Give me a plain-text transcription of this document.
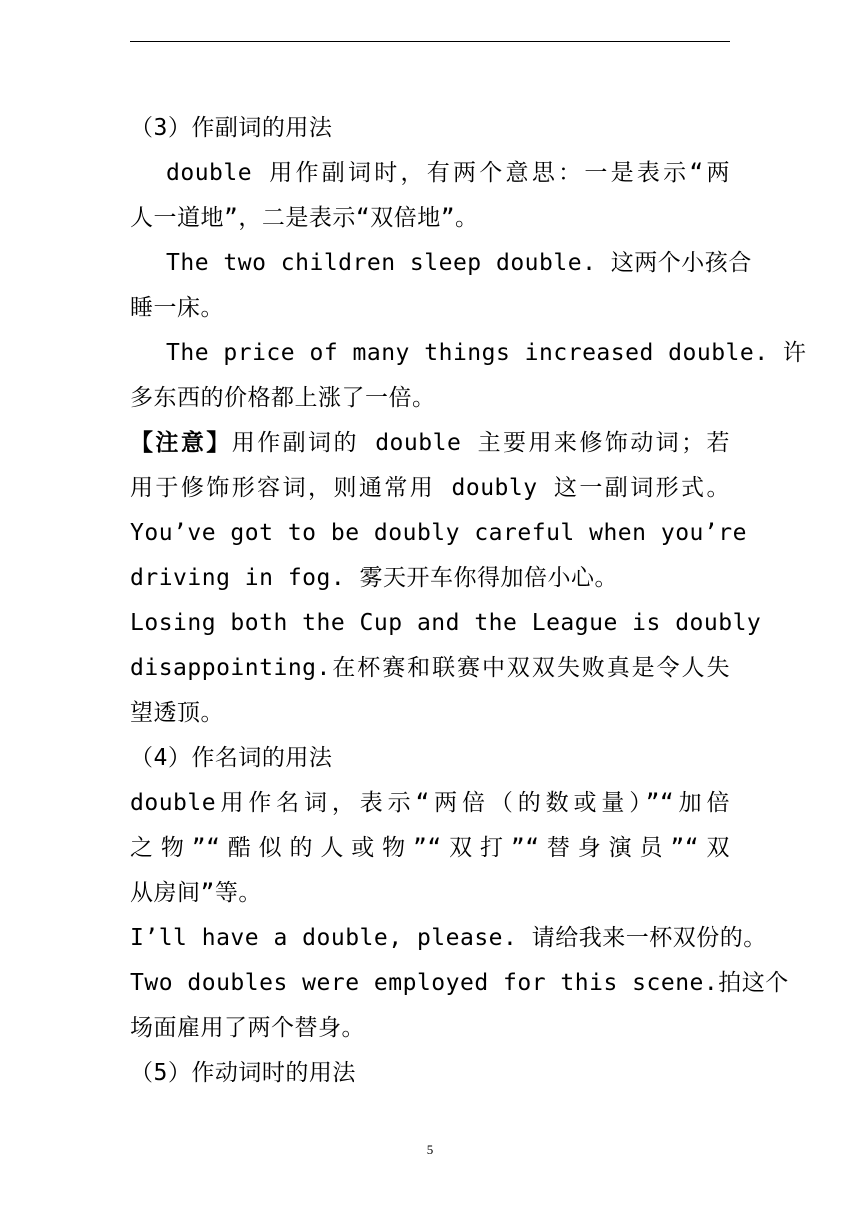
（3）作副词的用法
double 用作副词时，有两个意思：一是表示“两
人一道地”，二是表示“双倍地”。
The two children sleep double. 这两个小孩合
睡一床。
The price of many things increased double. 许
多东西的价格都上涨了一倍。
【注意】用作副词的 double 主要用来修饰动词；若
用于修饰形容词，则通常用 doubly 这一副词形式。
You’ve got to be doubly careful when you’re
driving in fog. 雾天开车你得加倍小心。
Losing both the Cup and the League is doubly
disappointing.在杯赛和联赛中双双失败真是令人失
望透顶。
（4）作名词的用法
double用作名词，表示“两倍（的数或量）”“加倍
之物”“酷似的人或物”“双打”“替身演员”“双
从房间”等。
I’ll have a double, please. 请给我来一杯双份的。
Two doubles were employed for this scene.拍这个
场面雇用了两个替身。
（5）作动词时的用法
5
